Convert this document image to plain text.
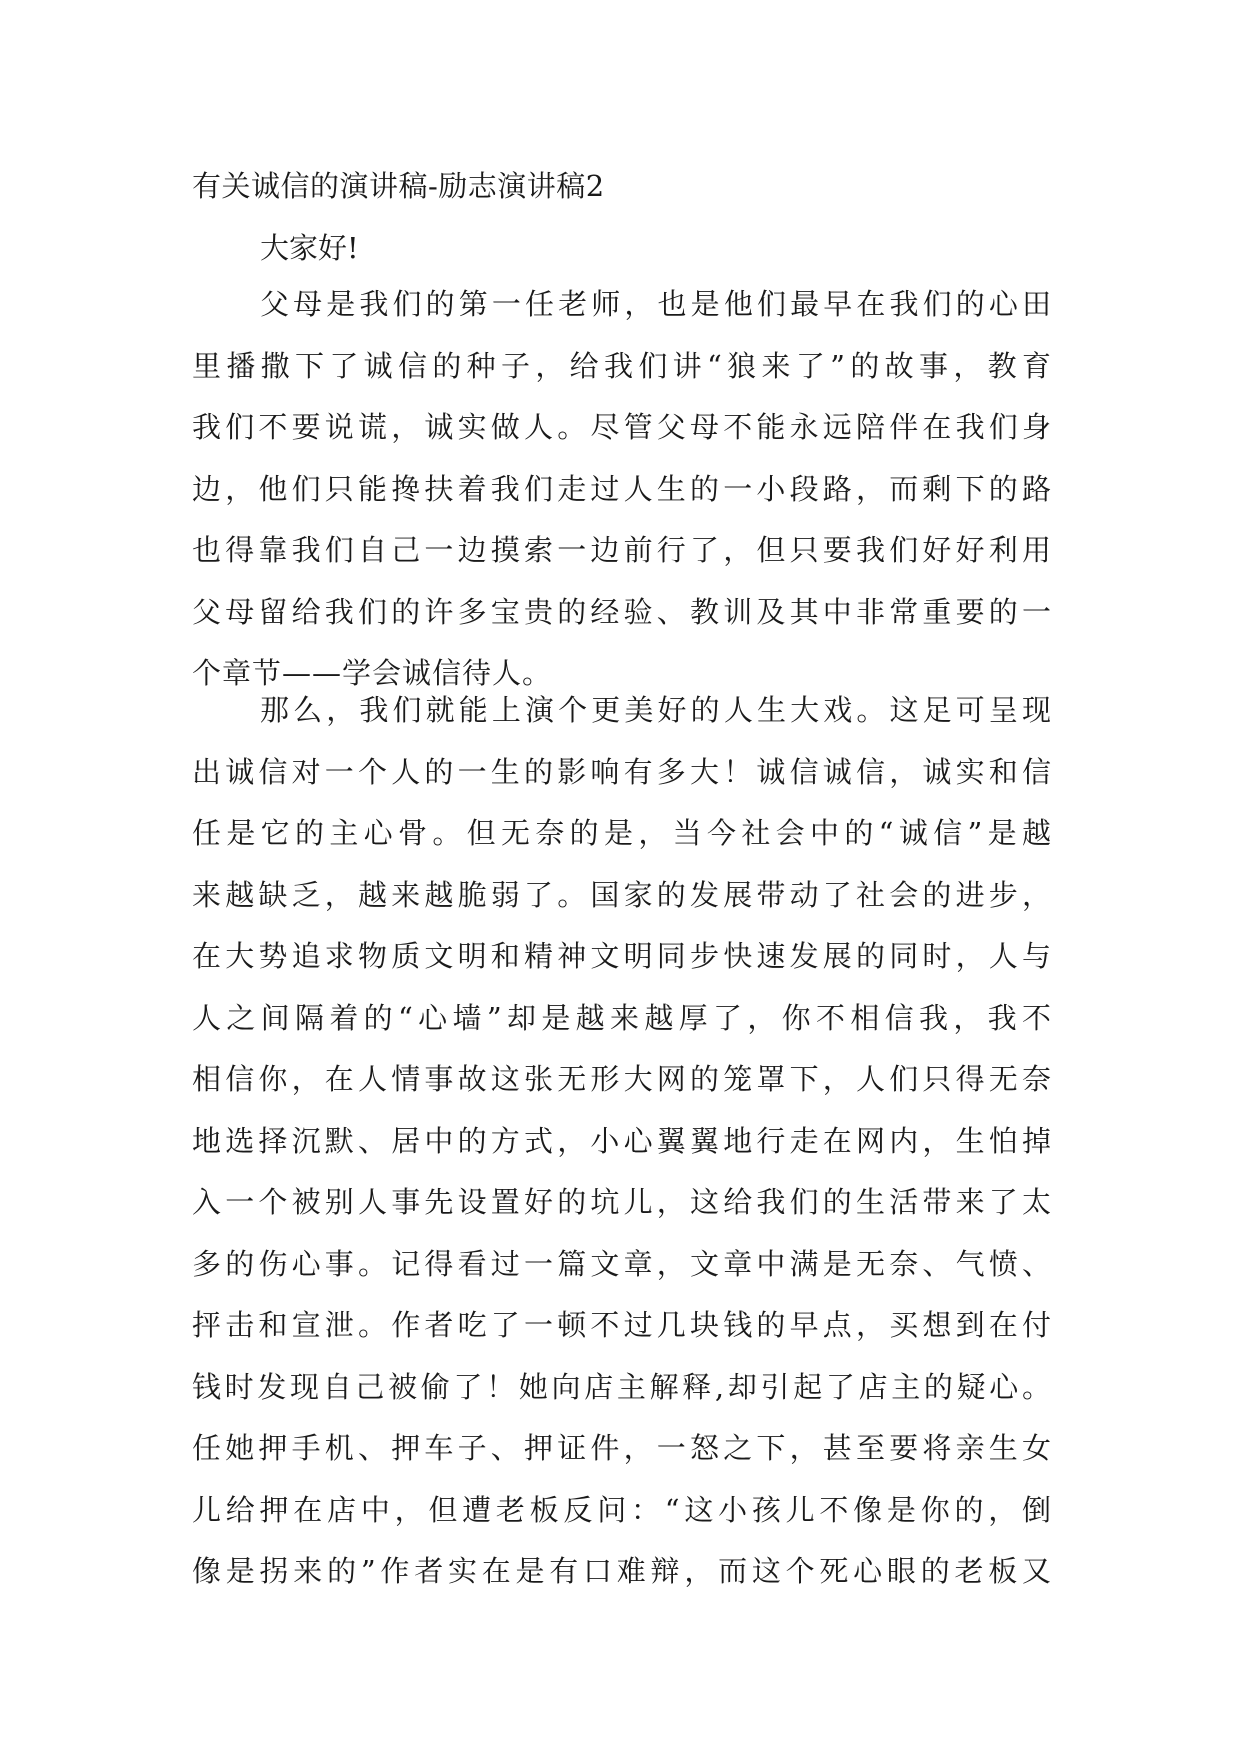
有关诚信的演讲稿-励志演讲稿2
大家好!
父母是我们的第一任老师，也是他们最早在我们的心田
里播撒下了诚信的种子，给我们讲“狼来了”的故事，教育
我们不要说谎，诚实做人。尽管父母不能永远陪伴在我们身
边，他们只能搀扶着我们走过人生的一小段路，而剩下的路
也得靠我们自己一边摸索一边前行了，但只要我们好好利用
父母留给我们的许多宝贵的经验、教训及其中非常重要的一
个章节——学会诚信待人。
那么，我们就能上演个更美好的人生大戏。这足可呈现
出诚信对一个人的一生的影响有多大！诚信诚信，诚实和信
任是它的主心骨。但无奈的是，当今社会中的“诚信”是越
来越缺乏，越来越脆弱了。国家的发展带动了社会的进步，
在大势追求物质文明和精神文明同步快速发展的同时，人与
人之间隔着的“心墙”却是越来越厚了，你不相信我，我不
相信你，在人情事故这张无形大网的笼罩下，人们只得无奈
地选择沉默、居中的方式，小心翼翼地行走在网内，生怕掉
入一个被别人事先设置好的坑儿，这给我们的生活带来了太
多的伤心事。记得看过一篇文章，文章中满是无奈、气愤、
抨击和宣泄。作者吃了一顿不过几块钱的早点，买想到在付
钱时发现自己被偷了！她向店主解释,却引起了店主的疑心。
任她押手机、押车子、押证件，一怒之下，甚至要将亲生女
儿给押在店中，但遭老板反问：“这小孩儿不像是你的，倒
像是拐来的”作者实在是有口难辩，而这个死心眼的老板又
